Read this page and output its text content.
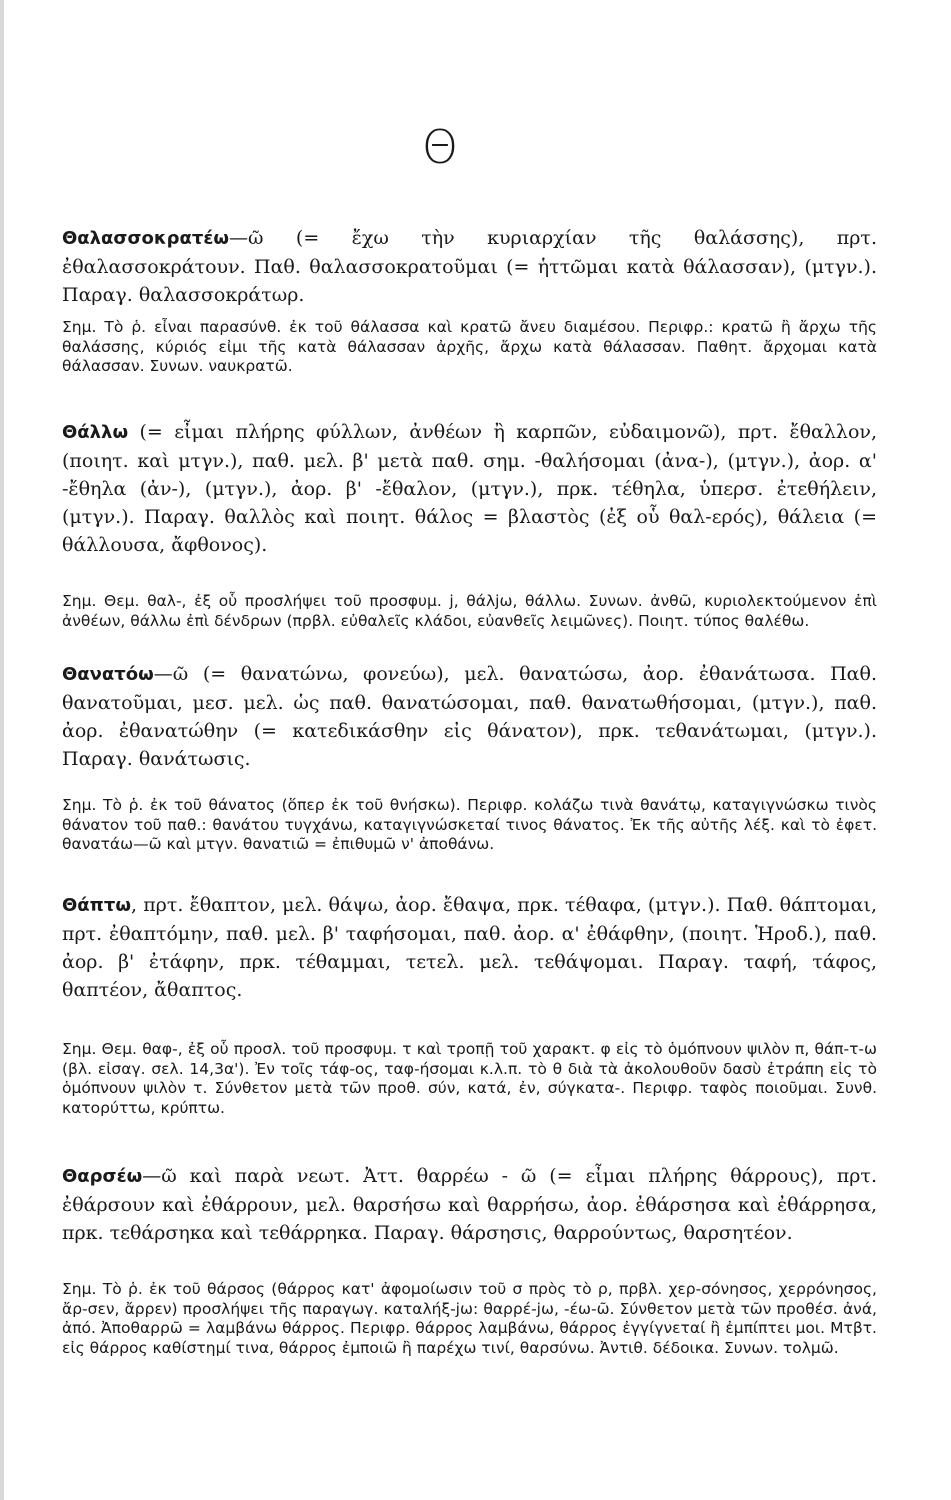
Θ
Θαλασσοκρατέω—ῶ (= ἔχω τὴν κυριαρχίαν τῆς θαλάσσης), πρτ. ἐθαλασσοκράτουν. Παθ. θαλασσοκρατοῦμαι (= ἡττῶμαι κατὰ θάλασσαν), (μτγν.). Παραγ. θαλασσοκράτωρ.
Σημ. Τὸ ῥ. εἶναι παρασύνθ. ἐκ τοῦ θάλασσα καὶ κρατῶ ἄνευ διαμέσου. Περιφρ.: κρατῶ ἢ ἄρχω τῆς θαλάσσης, κύριός εἰμι τῆς κατὰ θάλασσαν ἀρχῆς, ἄρχω κατὰ θάλασσαν. Παθητ. ἄρχομαι κατὰ θάλασσαν. Συνων. ναυκρατῶ.
Θάλλω (= εἶμαι πλήρης φύλλων, ἀνθέων ἢ καρπῶν, εὐδαιμονῶ), πρτ. ἔθαλλον, (ποιητ. καὶ μτγν.), παθ. μελ. β' μετὰ παθ. σημ. -θαλήσομαι (ἀνα-), (μτγν.), ἀορ. α' -ἔθηλα (ἀν-), (μτγν.), ἀορ. β' -ἔθαλον, (μτγν.), πρκ. τέθηλα, ὑπερσ. ἐτεθήλειν, (μτγν.). Παραγ. θαλλὸς καὶ ποιητ. θάλος = βλαστὸς (ἐξ οὗ θαλ-ερός), θάλεια (= θάλλουσα, ἄφθονος).
Σημ. Θεμ. θαλ-, ἐξ οὗ προσλήψει τοῦ προσφυμ. j, θάλjω, θάλλω. Συνων. ἀνθῶ, κυριολεκτούμενον ἐπὶ ἀνθέων, θάλλω ἐπὶ δένδρων (πρβλ. εὐθαλεῖς κλάδοι, εὐανθεῖς λειμῶνες). Ποιητ. τύπος θαλέθω.
Θανατόω—ῶ (= θανατώνω, φονεύω), μελ. θανατώσω, ἀορ. ἐθανάτωσα. Παθ. θανατοῦμαι, μεσ. μελ. ὡς παθ. θανατώσομαι, παθ. θανατωθήσομαι, (μτγν.), παθ. ἀορ. ἐθανατώθην (= κατεδικάσθην εἰς θάνατον), πρκ. τεθανάτωμαι, (μτγν.). Παραγ. θανάτωσις.
Σημ. Τὸ ῥ. ἐκ τοῦ θάνατος (ὅπερ ἐκ τοῦ θνήσκω). Περιφρ. κολάζω τινὰ θανάτῳ, καταγιγνώσκω τινὸς θάνατον τοῦ παθ.: θανάτου τυγχάνω, καταγιγνώσκεταί τινος θάνατος. Ἐκ τῆς αὐτῆς λέξ. καὶ τὸ ἐφετ. θανατάω—ῶ καὶ μτγν. θανατιῶ = ἐπιθυμῶ ν' ἀποθάνω.
Θάπτω, πρτ. ἔθαπτον, μελ. θάψω, ἀορ. ἔθαψα, πρκ. τέθαφα, (μτγν.). Παθ. θάπτομαι, πρτ. ἐθαπτόμην, παθ. μελ. β' ταφήσομαι, παθ. ἀορ. α' ἐθάφθην, (ποιητ. Ἡροδ.), παθ. ἀορ. β' ἐτάφην, πρκ. τέθαμμαι, τετελ. μελ. τεθάψομαι. Παραγ. ταφή, τάφος, θαπτέον, ἄθαπτος.
Σημ. Θεμ. θαφ-, ἐξ οὗ προσλ. τοῦ προσφυμ. τ καὶ τροπῇ τοῦ χαρακτ. φ εἰς τὸ ὁμόπνουν ψιλὸν π, θάπ-τ-ω (βλ. εἰσαγ. σελ. 14,3α'). Ἐν τοῖς τάφ-ος, ταφ-ήσομαι κ.λ.π. τὸ θ διὰ τὰ ἀκολουθοῦν δασὺ ἐτράπη εἰς τὸ ὁμόπνουν ψιλὸν τ. Σύνθετον μετὰ τῶν προθ. σύν, κατά, ἐν, σύγκατα-. Περιφρ. ταφὸς ποιοῦμαι. Συνθ. κατορύττω, κρύπτω.
Θαρσέω—ῶ καὶ παρὰ νεωτ. Ἀττ. θαρρέω - ῶ (= εἶμαι πλήρης θάρρους), πρτ. ἐθάρσουν καὶ ἐθάρρουν, μελ. θαρσήσω καὶ θαρρήσω, ἀορ. ἐθάρσησα καὶ ἐθάρρησα, πρκ. τεθάρσηκα καὶ τεθάρρηκα. Παραγ. θάρσησις, θαρρούντως, θαρσητέον.
Σημ. Τὸ ῥ. ἐκ τοῦ θάρσος (θάρρος κατ' ἀφομοίωσιν τοῦ σ πρὸς τὸ ρ, πρβλ. χερ-σόνησος, χερρόνησος, ἄρ-σεν, ἄρρεν) προσλήψει τῆς παραγωγ. καταλήξ-jω: θαρρέ-jω, -έω-ῶ. Σύνθετον μετὰ τῶν προθέσ. ἀνά, ἀπό. Ἀποθαρρῶ = λαμβάνω θάρρος. Περιφρ. θάρρος λαμβάνω, θάρρος ἐγγίγνεταί ἢ ἐμπίπτει μοι. Μτβτ. εἰς θάρρος καθίστημί τινα, θάρρος ἐμποιῶ ἢ παρέχω τινί, θαρσύνω. Ἀντιθ. δέδοικα. Συνων. τολμῶ.
